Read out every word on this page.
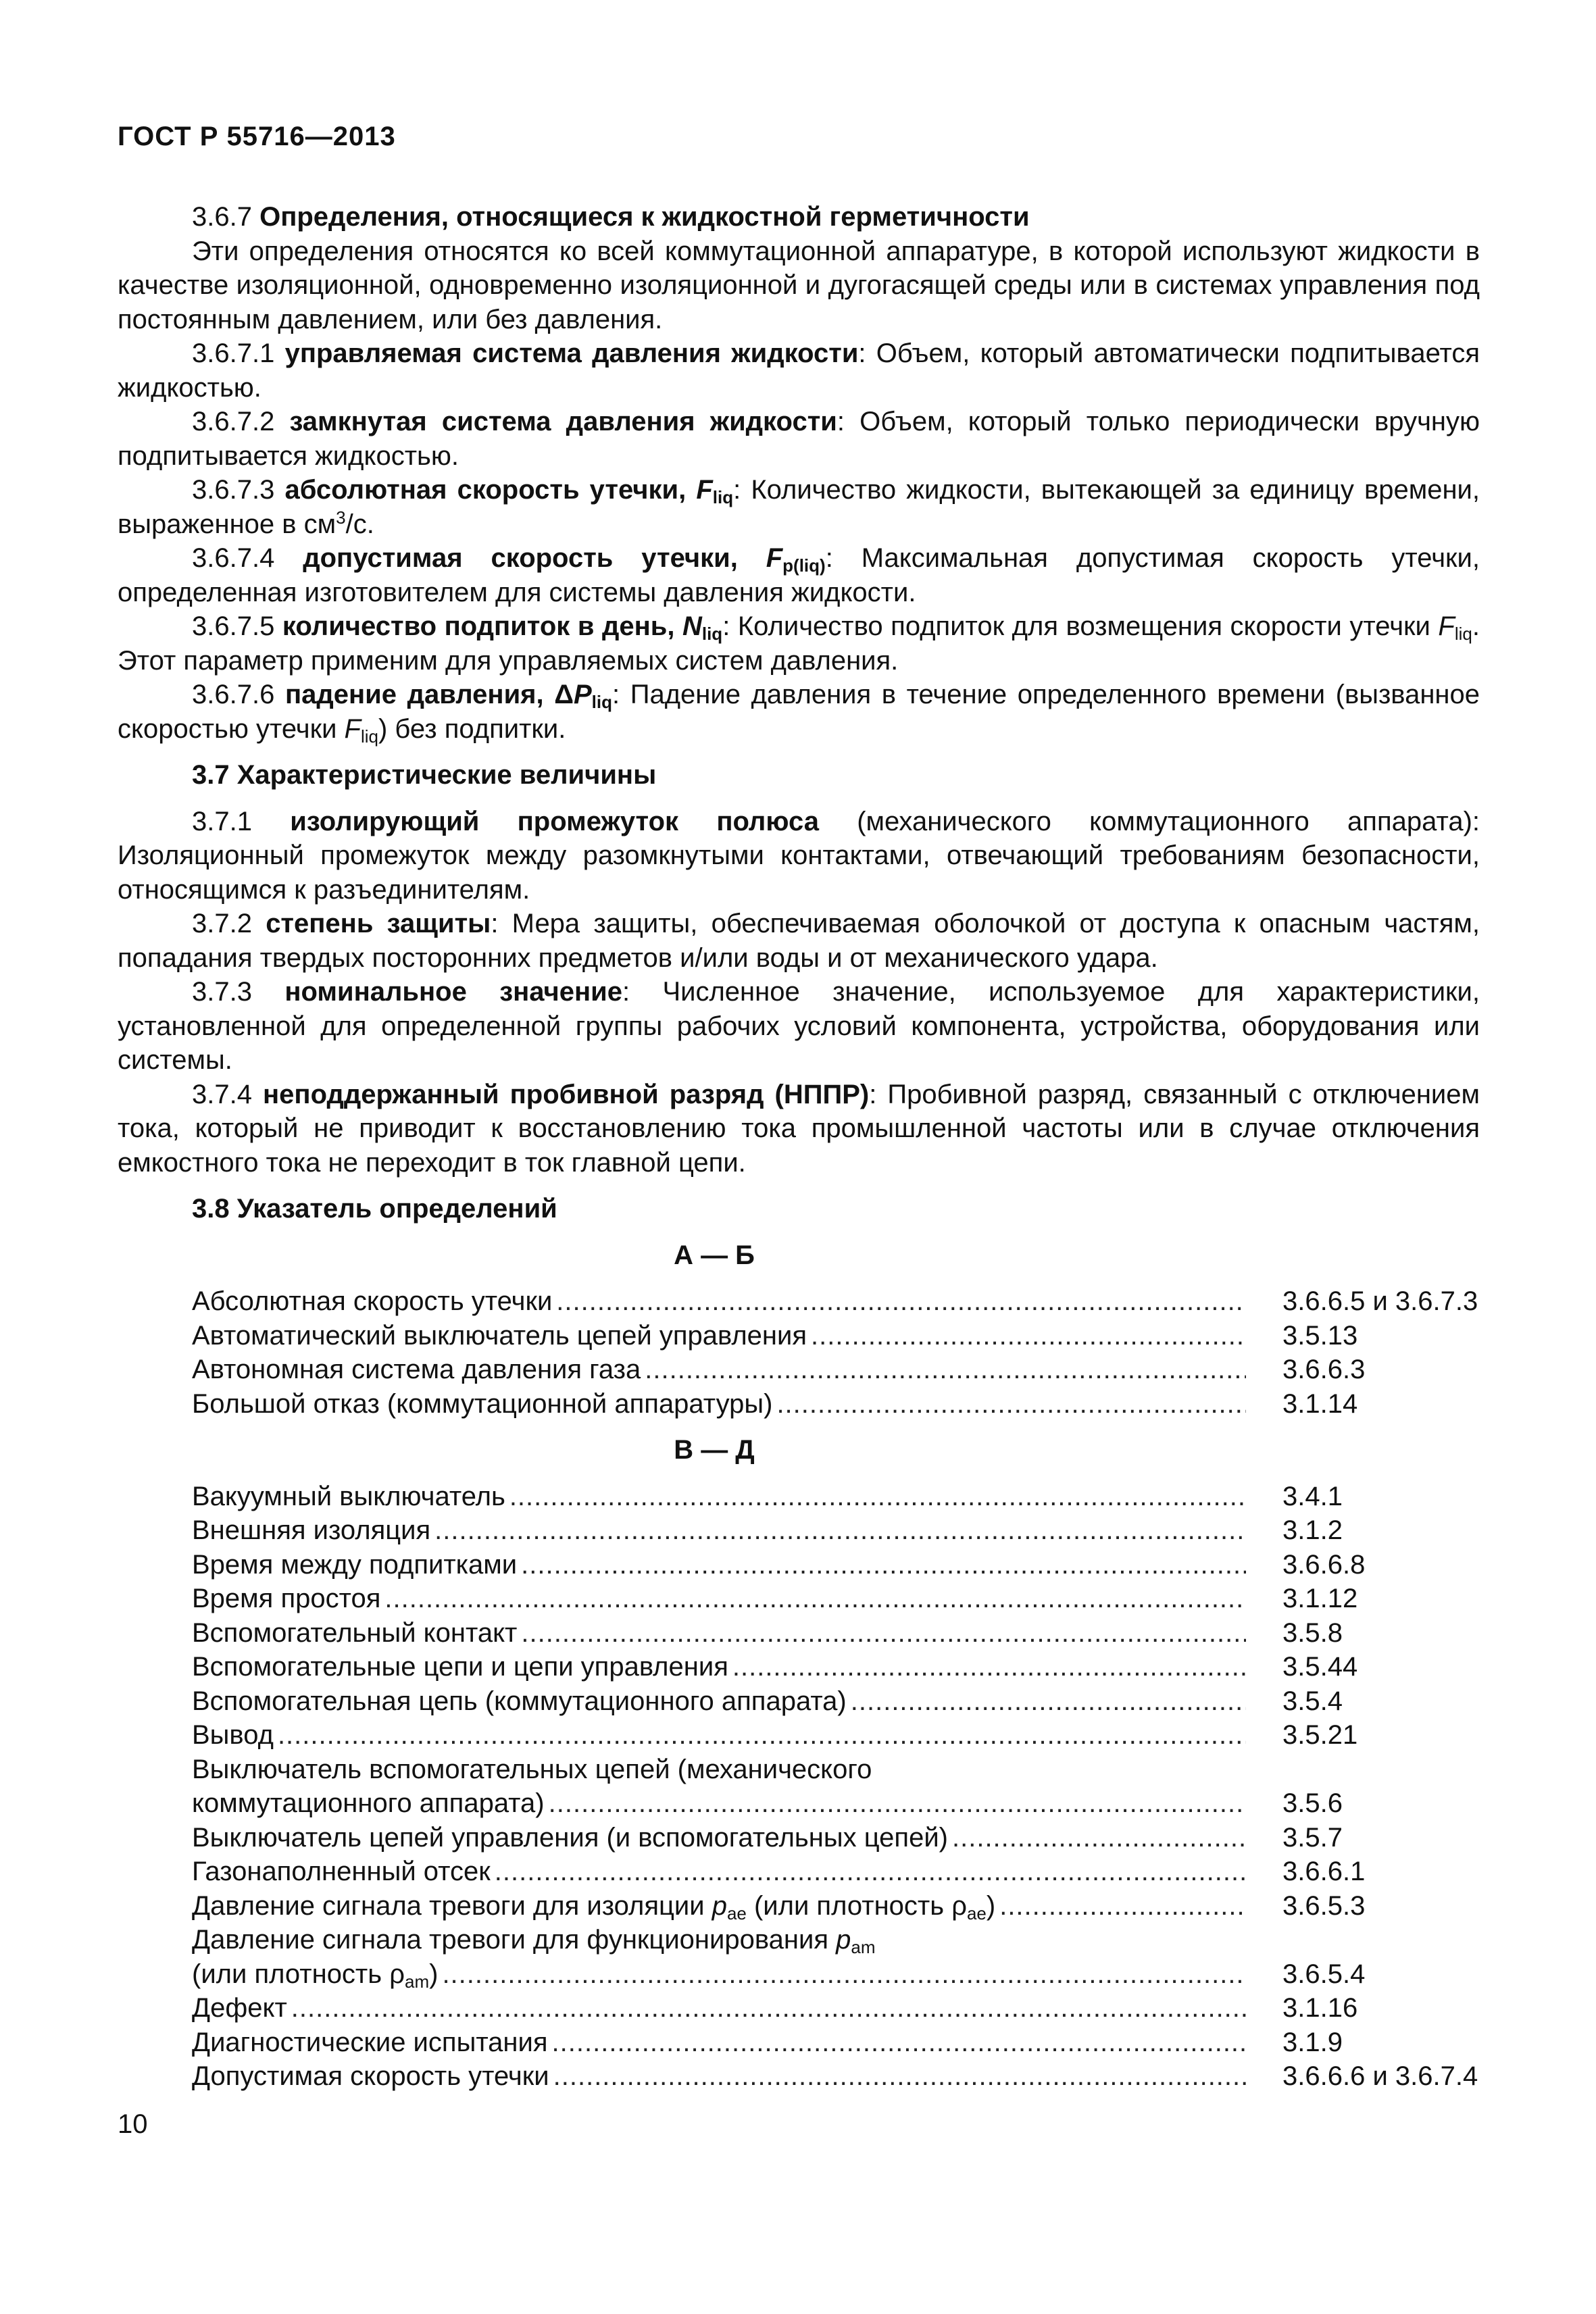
ГОСТ Р 55716—2013

3.6.7 Определения, относящиеся к жидкостной герметичности

Эти определения относятся ко всей коммутационной аппаратуре, в которой используют жидкости в качестве изоляционной, одновременно изоляционной и дугогасящей среды или в системах управления под постоянным давлением, или без давления.

3.6.7.1 управляемая система давления жидкости: Объем, который автоматически подпитывается жидкостью.

3.6.7.2 замкнутая система давления жидкости: Объем, который только периодически вручную подпитывается жидкостью.

3.6.7.3 абсолютная скорость утечки, $F_{liq}$: Количество жидкости, вытекающей за единицу времени, выраженное в $см^3/с$.

3.6.7.4 допустимая скорость утечки, $F_{p(liq)}$: Максимальная допустимая скорость утечки, определенная изготовителем для системы давления жидкости.

3.6.7.5 количество подпиток в день, $N_{liq}$: Количество подпиток для возмещения скорости утечки $F_{liq}$. Этот параметр применим для управляемых систем давления.

3.6.7.6 падение давления, $\Delta P_{liq}$: Падение давления в течение определенного времени (вызванное скоростью утечки $F_{liq}$) без подпитки.

3.7 Характеристические величины

3.7.1 изолирующий промежуток полюса (механического коммутационного аппарата): Изоляционный промежуток между разомкнутыми контактами, отвечающий требованиям безопасности, относящимся к разъединителям.

3.7.2 степень защиты: Мера защиты, обеспечиваемая оболочкой от доступа к опасным частям, попадания твердых посторонних предметов и/или воды и от механического удара.

3.7.3 номинальное значение: Численное значение, используемое для характеристики, установленной для определенной группы рабочих условий компонента, устройства, оборудования или системы.

3.7.4 неподдержанный пробивной разряд (НППР): Пробивной разряд, связанный с отключением тока, который не приводит к восстановлению тока промышленной частоты или в случае отключения емкостного тока не переходит в ток главной цепи.

3.8 Указатель определений
А — Б
Абсолютная скорость утечки .....	3.6.6.5 и 3.6.7.3
Автоматический выключатель цепей управления .....	3.5.13
Автономная система давления газа .....	3.6.6.3
Большой отказ (коммутационной аппаратуры) .....	3.1.14
В — Д
Вакуумный выключатель .....	3.4.1
Внешняя изоляция .....	3.1.2
Время между подпитками .....	3.6.6.8
Время простоя .....	3.1.12
Вспомогательный контакт .....	3.5.8
Вспомогательные цепи и цепи управления .....	3.5.44
Вспомогательная цепь (коммутационного аппарата) .....	3.5.4
Вывод .....	3.5.21
Выключатель вспомогательных цепей (механического
коммутационного аппарата) .....	3.5.6
Выключатель цепей управления (и вспомогательных цепей) .....	3.5.7
Газонаполненный отсек .....	3.6.6.1
Давление сигнала тревоги для изоляции $p_{ae}$ (или плотность $\rho_{ae}$) .....	3.6.5.3
Давление сигнала тревоги для функционирования $p_{am}$
(или плотность $\rho_{am}$) .....	3.6.5.4
Дефект .....	3.1.16
Диагностические испытания .....	3.1.9
Допустимая скорость утечки .....	3.6.6.6 и 3.6.7.4
10
